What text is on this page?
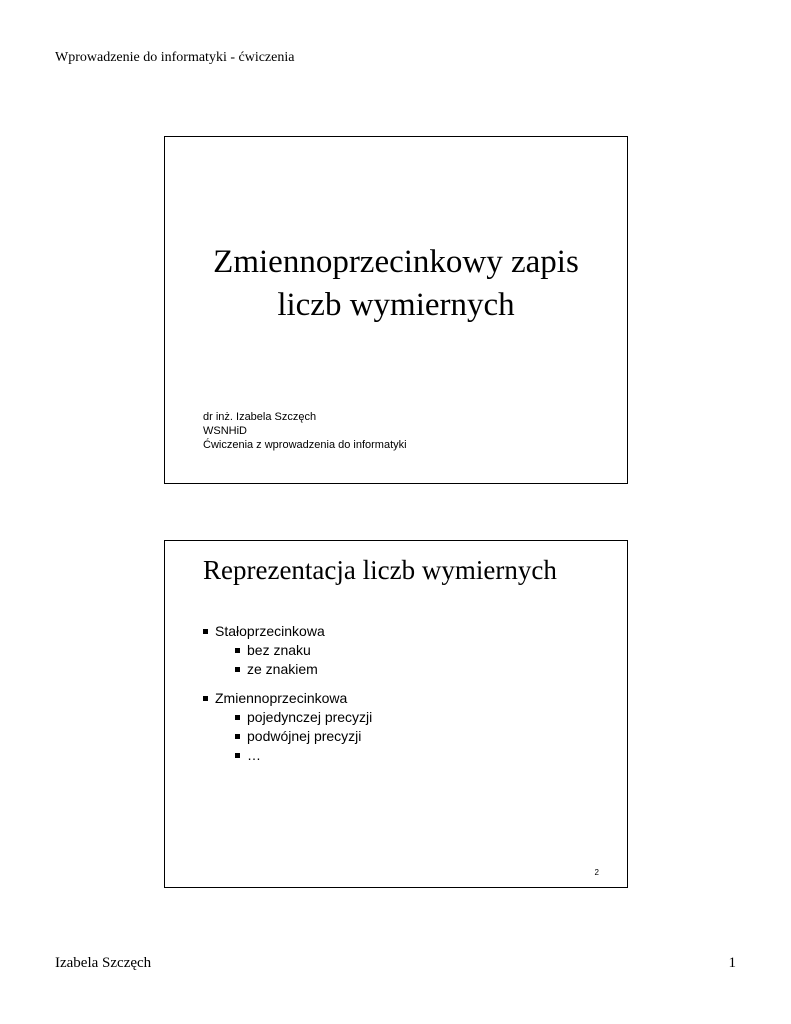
Wprowadzenie do informatyki - ćwiczenia
Zmiennoprzecinkowy zapis
liczb wymiernych
dr inż. Izabela Szczęch
WSNHiD
Ćwiczenia z wprowadzenia do informatyki
Reprezentacja liczb wymiernych
Stałoprzecinkowa
bez znaku
ze znakiem
Zmiennoprzecinkowa
pojedynczej precyzji
podwójnej precyzji
…
2
Izabela Szczęch	1
